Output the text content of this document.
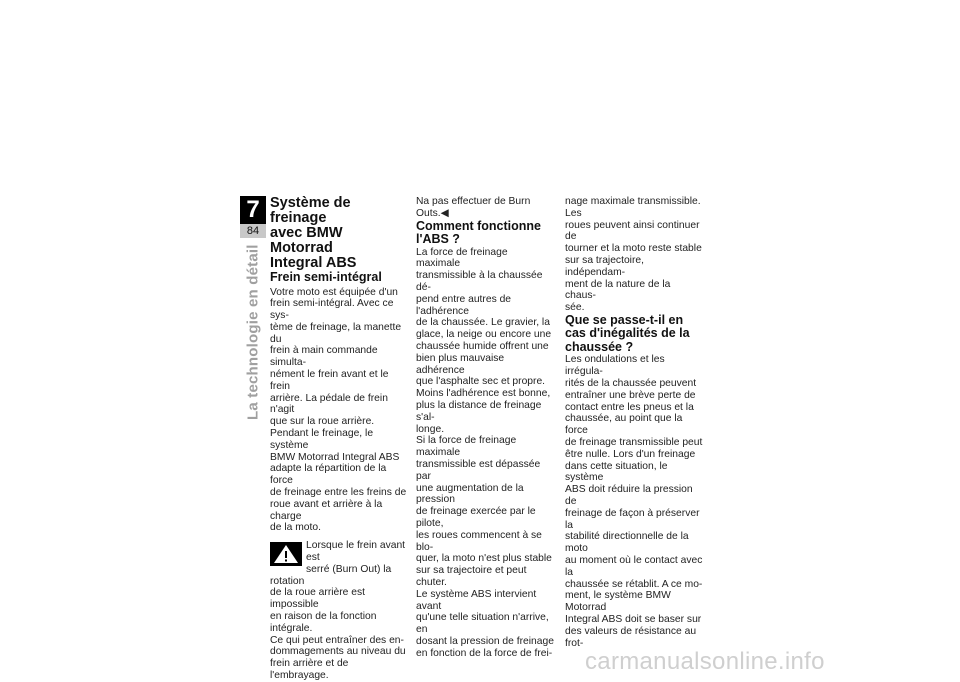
7
84
La technologie en détail
Système de freinage
avec BMW Motorrad
Integral ABS
Frein semi-intégral

Votre moto est équipée d'un
frein semi-intégral. Avec ce sys-
tème de freinage, la manette du
frein à main commande simulta-
nément le frein avant et le frein
arrière. La pédale de frein n'agit
que sur la roue arrière.

Pendant le freinage, le système
BMW Motorrad Integral ABS
adapte la répartition de la force
de freinage entre les freins de
roue avant et arrière à la charge
de la moto.

Lorsque le frein avant est
serré (Burn Out) la rotation

de la roue arrière est impossible
en raison de la fonction intégrale.
Ce qui peut entraîner des en-
dommagements au niveau du
frein arrière et de l'embrayage.

Na pas effectuer de Burn Outs.◀

Comment fonctionne
l'ABS ?

La force de freinage maximale
transmissible à la chaussée dé-
pend entre autres de l'adhérence
de la chaussée. Le gravier, la
glace, la neige ou encore une
chaussée humide offrent une
bien plus mauvaise adhérence
que l'asphalte sec et propre.
Moins l'adhérence est bonne,
plus la distance de freinage s'al-
longe.

Si la force de freinage maximale
transmissible est dépassée par
une augmentation de la pression
de freinage exercée par le pilote,
les roues commencent à se blo-
quer, la moto n'est plus stable
sur sa trajectoire et peut chuter.
Le système ABS intervient avant
qu'une telle situation n'arrive, en
dosant la pression de freinage
en fonction de la force de frei-

nage maximale transmissible. Les
roues peuvent ainsi continuer de
tourner et la moto reste stable
sur sa trajectoire, indépendam-
ment de la nature de la chaus-
sée.

Que se passe-t-il en
cas d'inégalités de la
chaussée ?

Les ondulations et les irrégula-
rités de la chaussée peuvent
entraîner une brève perte de
contact entre les pneus et la
chaussée, au point que la force
de freinage transmissible peut
être nulle. Lors d'un freinage
dans cette situation, le système
ABS doit réduire la pression de
freinage de façon à préserver la
stabilité directionnelle de la moto
au moment où le contact avec la
chaussée se rétablit. A ce mo-
ment, le système BMW Motorrad
Integral ABS doit se baser sur
des valeurs de résistance au frot-

carmanualsonline.info
